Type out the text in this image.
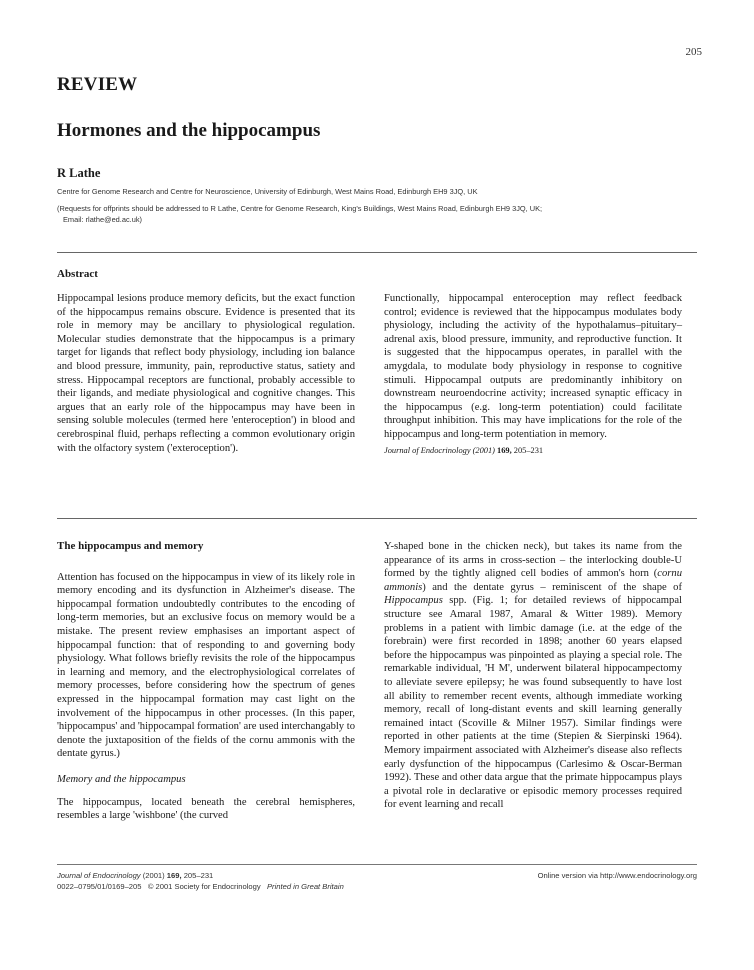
205
REVIEW
Hormones and the hippocampus
R Lathe
Centre for Genome Research and Centre for Neuroscience, University of Edinburgh, West Mains Road, Edinburgh EH9 3JQ, UK
(Requests for offprints should be addressed to R Lathe, Centre for Genome Research, King's Buildings, West Mains Road, Edinburgh EH9 3JQ, UK;
Email: rlathe@ed.ac.uk)
Abstract

Hippocampal lesions produce memory deficits, but the exact function of the hippocampus remains obscure. Evidence is presented that its role in memory may be ancillary to physiological regulation. Molecular studies demonstrate that the hippocampus is a primary target for ligands that reflect body physiology, including ion balance and blood pressure, immunity, pain, reproductive status, satiety and stress. Hippocampal receptors are functional, probably accessible to their ligands, and mediate physiological and cognitive changes. This argues that an early role of the hippocampus may have been in sensing soluble molecules (termed here 'enteroception') in blood and cerebrospinal fluid, perhaps reflecting a common evolutionary origin with the olfactory system ('exteroception').

Functionally, hippocampal enteroception may reflect feedback control; evidence is reviewed that the hippocampus modulates body physiology, including the activity of the hypothalamus–pituitary–adrenal axis, blood pressure, immunity, and reproductive function. It is suggested that the hippocampus operates, in parallel with the amygdala, to modulate body physiology in response to cognitive stimuli. Hippocampal outputs are predominantly inhibitory on downstream neuroendocrine activity; increased synaptic efficacy in the hippocampus (e.g. long-term potentiation) could facilitate throughput inhibition. This may have implications for the role of the hippocampus and long-term potentiation in memory.

Journal of Endocrinology (2001) 169, 205–231

The hippocampus and memory

Attention has focused on the hippocampus in view of its likely role in memory encoding and its dysfunction in Alzheimer's disease. The hippocampal formation undoubtedly contributes to the encoding of long-term memories, but an exclusive focus on memory would be a mistake. The present review emphasises an important aspect of hippocampal function: that of responding to and governing body physiology. What follows briefly revisits the role of the hippocampus in learning and memory, and the electrophysiological correlates of memory processes, before considering how the spectrum of genes expressed in the hippocampal formation may cast light on the involvement of the hippocampus in other processes. (In this paper, 'hippocampus' and 'hippocampal formation' are used interchangably to denote the juxtaposition of the fields of the cornu ammonis with the dentate gyrus.)

Memory and the hippocampus

The hippocampus, located beneath the cerebral hemispheres, resembles a large 'wishbone' (the curved

Y-shaped bone in the chicken neck), but takes its name from the appearance of its arms in cross-section – the interlocking double-U formed by the tightly aligned cell bodies of ammon's horn (cornu ammonis) and the dentate gyrus – reminiscent of the shape of Hippocampus spp. (Fig. 1; for detailed reviews of hippocampal structure see Amaral 1987, Amaral & Witter 1989). Memory problems in a patient with limbic damage (i.e. at the edge of the forebrain) were first recorded in 1898; another 60 years elapsed before the hippocampus was pinpointed as playing a special role. The remarkable individual, 'H M', underwent bilateral hippocampectomy to alleviate severe epilepsy; he was found subsequently to have lost all ability to remember recent events, although immediate working memory, recall of long-distant events and skill learning generally remained intact (Scoville & Milner 1957). Similar findings were reported in other patients at the time (Stepien & Sierpinski 1964). Memory impairment associated with Alzheimer's disease also reflects early dysfunction of the hippocampus (Carlesimo & Oscar-Berman 1992). These and other data argue that the primate hippocampus plays a pivotal role in declarative or episodic memory processes required for event learning and recall

Journal of Endocrinology (2001) 169, 205–231
0022–0795/01/0169–205 © 2001 Society for Endocrinology Printed in Great Britain
Online version via http://www.endocrinology.org
